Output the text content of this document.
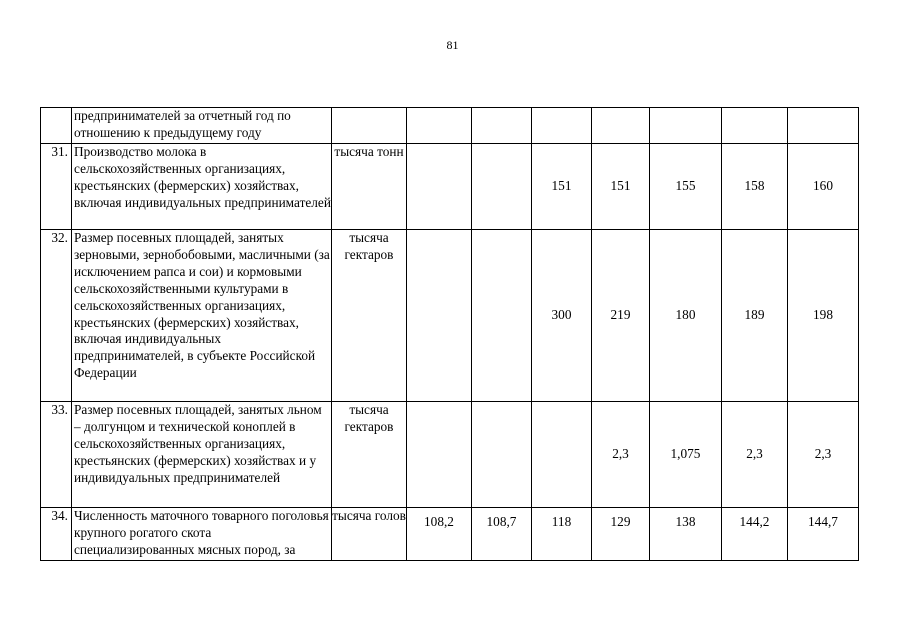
81
	предпринимателей за отчетный год по отношению к предыдущему году								
31.	Производство молока в сельскохозяйственных организациях, крестьянских (фермерских) хозяйствах, включая индивидуальных предпринимателей	тысяча тонн			151	151	155	158	160
32.	Размер посевных площадей, занятых зерновыми, зернобобовыми, масличными (за исключением рапса и сои) и кормовыми сельскохозяйственными культурами в сельскохозяйственных организациях, крестьянских (фермерских) хозяйствах, включая индивидуальных предпринимателей, в субъекте Российской Федерации	тысяча гектаров			300	219	180	189	198
33.	Размер посевных площадей, занятых льном – долгунцом и технической коноплей в сельскохозяйственных организациях, крестьянских (фермерских) хозяйствах и у индивидуальных предпринимателей	тысяча гектаров				2,3	1,075	2,3	2,3
34.	Численность маточного товарного поголовья крупного рогатого скота специализированных мясных пород, за	тысяча голов	108,2	108,7	118	129	138	144,2	144,7
